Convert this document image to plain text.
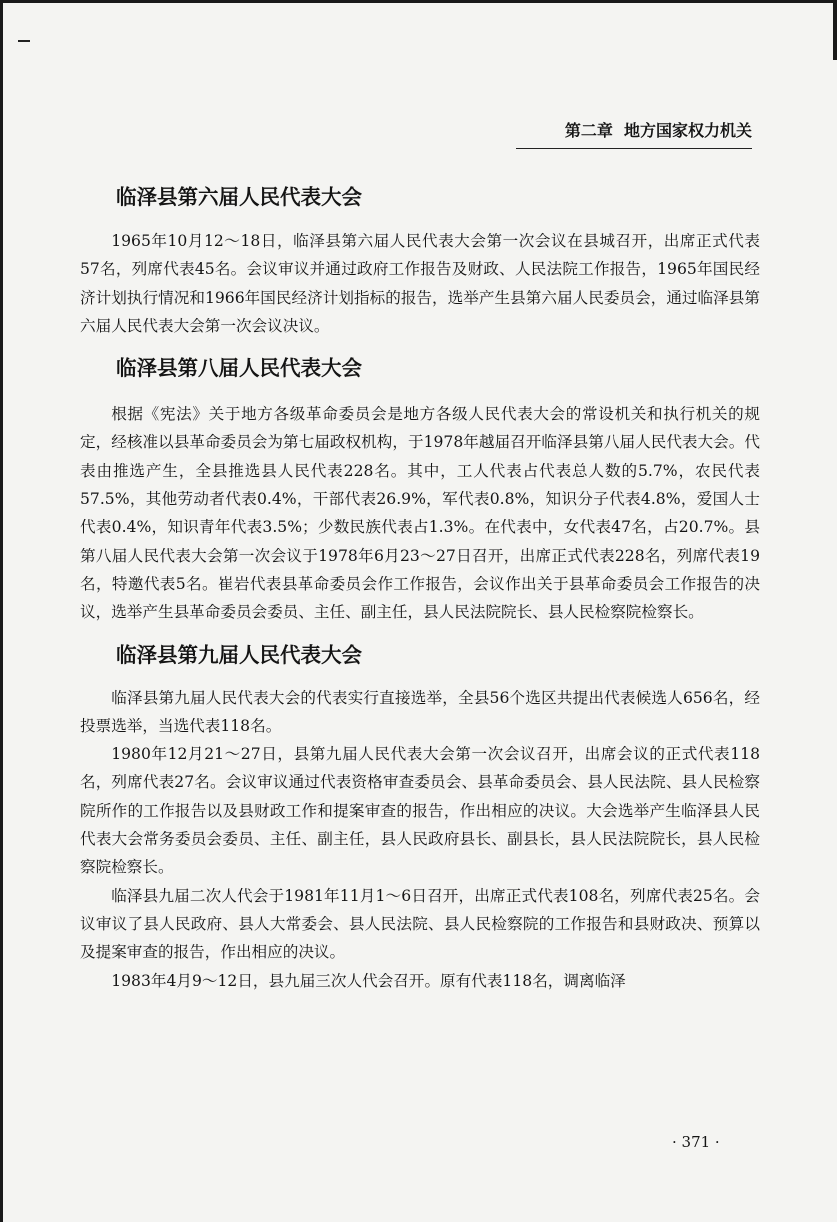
第二章 地方国家权力机关
临泽县第六届人民代表大会

1965年10月12～18日，临泽县第六届人民代表大会第一次会议在县城召开，出席正式代表57名，列席代表45名。会议审议并通过政府工作报告及财政、人民法院工作报告，1965年国民经济计划执行情况和1966年国民经济计划指标的报告，选举产生县第六届人民委员会，通过临泽县第六届人民代表大会第一次会议决议。

临泽县第八届人民代表大会

根据《宪法》关于地方各级革命委员会是地方各级人民代表大会的常设机关和执行机关的规定，经核准以县革命委员会为第七届政权机构，于1978年越届召开临泽县第八届人民代表大会。代表由推选产生，全县推选县人民代表228名。其中，工人代表占代表总人数的5.7%，农民代表57.5%，其他劳动者代表0.4%，干部代表26.9%，军代表0.8%，知识分子代表4.8%，爱国人士代表0.4%，知识青年代表3.5%；少数民族代表占1.3%。在代表中，女代表47名，占20.7%。县第八届人民代表大会第一次会议于1978年6月23～27日召开，出席正式代表228名，列席代表19名，特邀代表5名。崔岩代表县革命委员会作工作报告，会议作出关于县革命委员会工作报告的决议，选举产生县革命委员会委员、主任、副主任，县人民法院院长、县人民检察院检察长。

临泽县第九届人民代表大会

临泽县第九届人民代表大会的代表实行直接选举，全县56个选区共提出代表候选人656名，经投票选举，当选代表118名。

1980年12月21～27日，县第九届人民代表大会第一次会议召开，出席会议的正式代表118名，列席代表27名。会议审议通过代表资格审查委员会、县革命委员会、县人民法院、县人民检察院所作的工作报告以及县财政工作和提案审查的报告，作出相应的决议。大会选举产生临泽县人民代表大会常务委员会委员、主任、副主任，县人民政府县长、副县长，县人民法院院长，县人民检察院检察长。

临泽县九届二次人代会于1981年11月1～6日召开，出席正式代表108名，列席代表25名。会议审议了县人民政府、县人大常委会、县人民法院、县人民检察院的工作报告和县财政决、预算以及提案审查的报告，作出相应的决议。

1983年4月9～12日，县九届三次人代会召开。原有代表118名，调离临泽

· 371 ·
